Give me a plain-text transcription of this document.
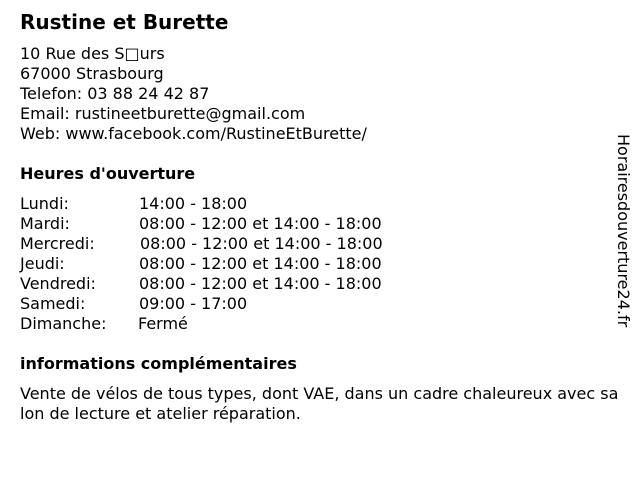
Rustine et Burette
10 Rue des S□urs
67000 Strasbourg
Telefon: 03 88 24 42 87
Email: rustineetburette@gmail.com
Web: www.facebook.com/RustineEtBurette/
Heures d'ouverture
Lundi:	14:00 - 18:00
Mardi:	08:00 - 12:00 et 14:00 - 18:00
Mercredi:	08:00 - 12:00 et 14:00 - 18:00
Jeudi:	08:00 - 12:00 et 14:00 - 18:00
Vendredi:	08:00 - 12:00 et 14:00 - 18:00
Samedi:	09:00 - 17:00
Dimanche: Fermé
informations complémentaires
Vente de vélos de tous types, dont VAE, dans un cadre chaleureux avec salon de lecture et atelier réparation.
Horairesdouverture24.fr
